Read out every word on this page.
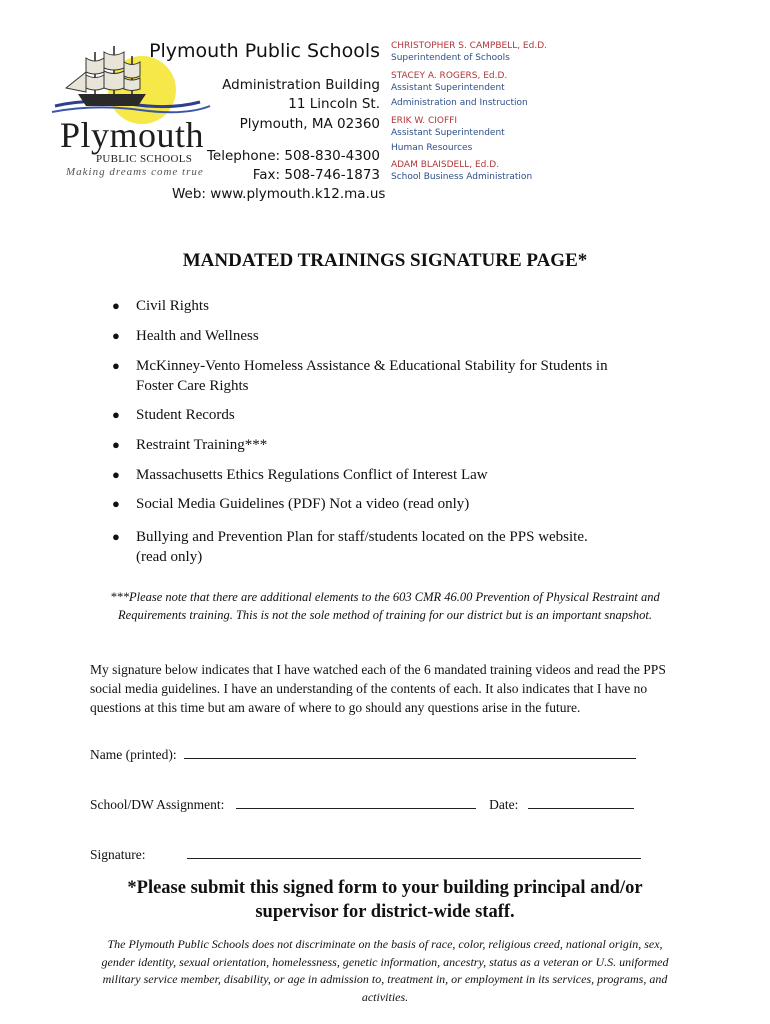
Plymouth
PUBLIC SCHOOLS
Making dreams come true
Plymouth Public Schools
Administration Building
11 Lincoln St.
Plymouth, MA 02360
Telephone: 508-830-4300
Fax: 508-746-1873
Web: www.plymouth.k12.ma.us
CHRISTOPHER S. CAMPBELL, Ed.D.
Superintendent of Schools
STACEY A. ROGERS, Ed.D.
Assistant Superintendent
Administration and Instruction
ERIK W. CIOFFI
Assistant Superintendent
Human Resources
ADAM BLAISDELL, Ed.D.
School Business Administration
MANDATED TRAININGS SIGNATURE PAGE*
● Civil Rights
● Health and Wellness
● McKinney-Vento Homeless Assistance & Educational Stability for Students in Foster Care Rights
● Student Records
● Restraint Training***
● Massachusetts Ethics Regulations Conflict of Interest Law
● Social Media Guidelines (PDF) Not a video (read only)
● Bullying and Prevention Plan for staff/students located on the PPS website. (read only)
***Please note that there are additional elements to the 603 CMR 46.00 Prevention of Physical Restraint and Requirements training. This is not the sole method of training for our district but is an important snapshot.
My signature below indicates that I have watched each of the 6 mandated training videos and read the PPS social media guidelines. I have an understanding of the contents of each. It also indicates that I have no questions at this time but am aware of where to go should any questions arise in the future.
Name (printed):
School/DW Assignment:	Date:
Signature:
*Please submit this signed form to your building principal and/or supervisor for district-wide staff.
The Plymouth Public Schools does not discriminate on the basis of race, color, religious creed, national origin, sex, gender identity, sexual orientation, homelessness, genetic information, ancestry, status as a veteran or U.S. uniformed military service member, disability, or age in admission to, treatment in, or employment in its services, programs, and activities.
